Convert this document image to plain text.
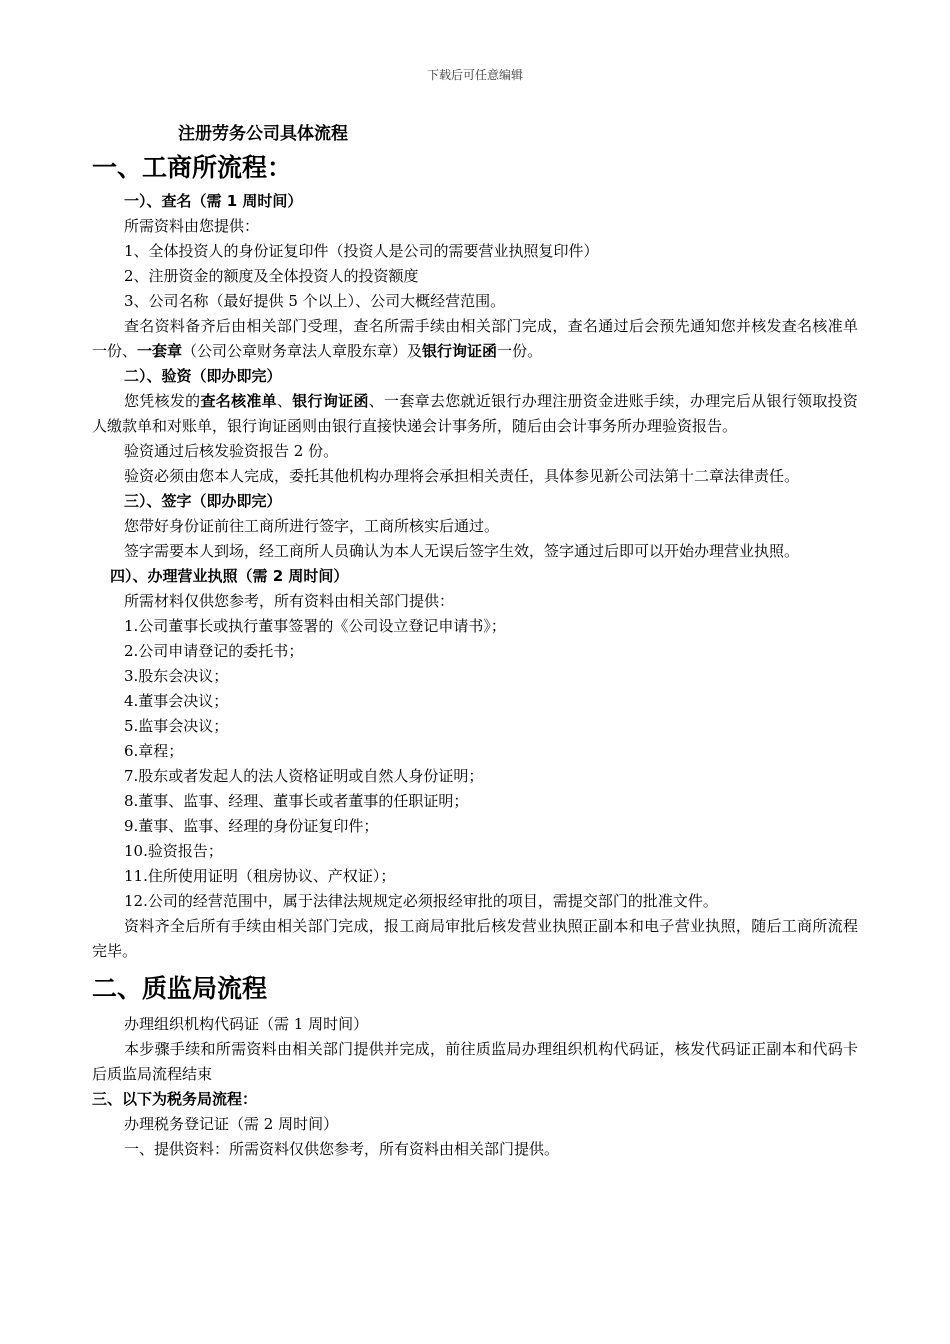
下载后可任意编辑
注册劳务公司具体流程
一、工商所流程：
一）、查名（需 1 周时间）
所需资料由您提供：
1、全体投资人的身份证复印件（投资人是公司的需要营业执照复印件）
2、注册资金的额度及全体投资人的投资额度
3、公司名称（最好提供 5 个以上）、公司大概经营范围。
查名资料备齐后由相关部门受理，查名所需手续由相关部门完成，查名通过后会预先通知您并核发查名核准单一份、一套章（公司公章财务章法人章股东章）及银行询证函一份。
二）、验资（即办即完）
您凭核发的查名核准单、银行询证函、一套章去您就近银行办理注册资金进账手续，办理完后从银行领取投资人缴款单和对账单，银行询证函则由银行直接快递会计事务所，随后由会计事务所办理验资报告。
验资通过后核发验资报告 2 份。
验资必须由您本人完成，委托其他机构办理将会承担相关责任，具体参见新公司法第十二章法律责任。
三）、签字（即办即完）
您带好身份证前往工商所进行签字，工商所核实后通过。
签字需要本人到场，经工商所人员确认为本人无误后签字生效，签字通过后即可以开始办理营业执照。
四）、办理营业执照（需 2 周时间）
所需材料仅供您参考，所有资料由相关部门提供：
1.公司董事长或执行董事签署的《公司设立登记申请书》；
2.公司申请登记的委托书；
3.股东会决议；
4.董事会决议；
5.监事会决议；
6.章程；
7.股东或者发起人的法人资格证明或自然人身份证明；
8.董事、监事、经理、董事长或者董事的任职证明；
9.董事、监事、经理的身份证复印件；
10.验资报告；
11.住所使用证明（租房协议、产权证）；
12.公司的经营范围中，属于法律法规规定必须报经审批的项目，需提交部门的批准文件。
资料齐全后所有手续由相关部门完成，报工商局审批后核发营业执照正副本和电子营业执照，随后工商所流程完毕。
二、质监局流程
办理组织机构代码证（需 1 周时间）
本步骤手续和所需资料由相关部门提供并完成，前往质监局办理组织机构代码证，核发代码证正副本和代码卡后质监局流程结束
三、以下为税务局流程：
办理税务登记证（需 2 周时间）
一、提供资料：所需资料仅供您参考，所有资料由相关部门提供。
